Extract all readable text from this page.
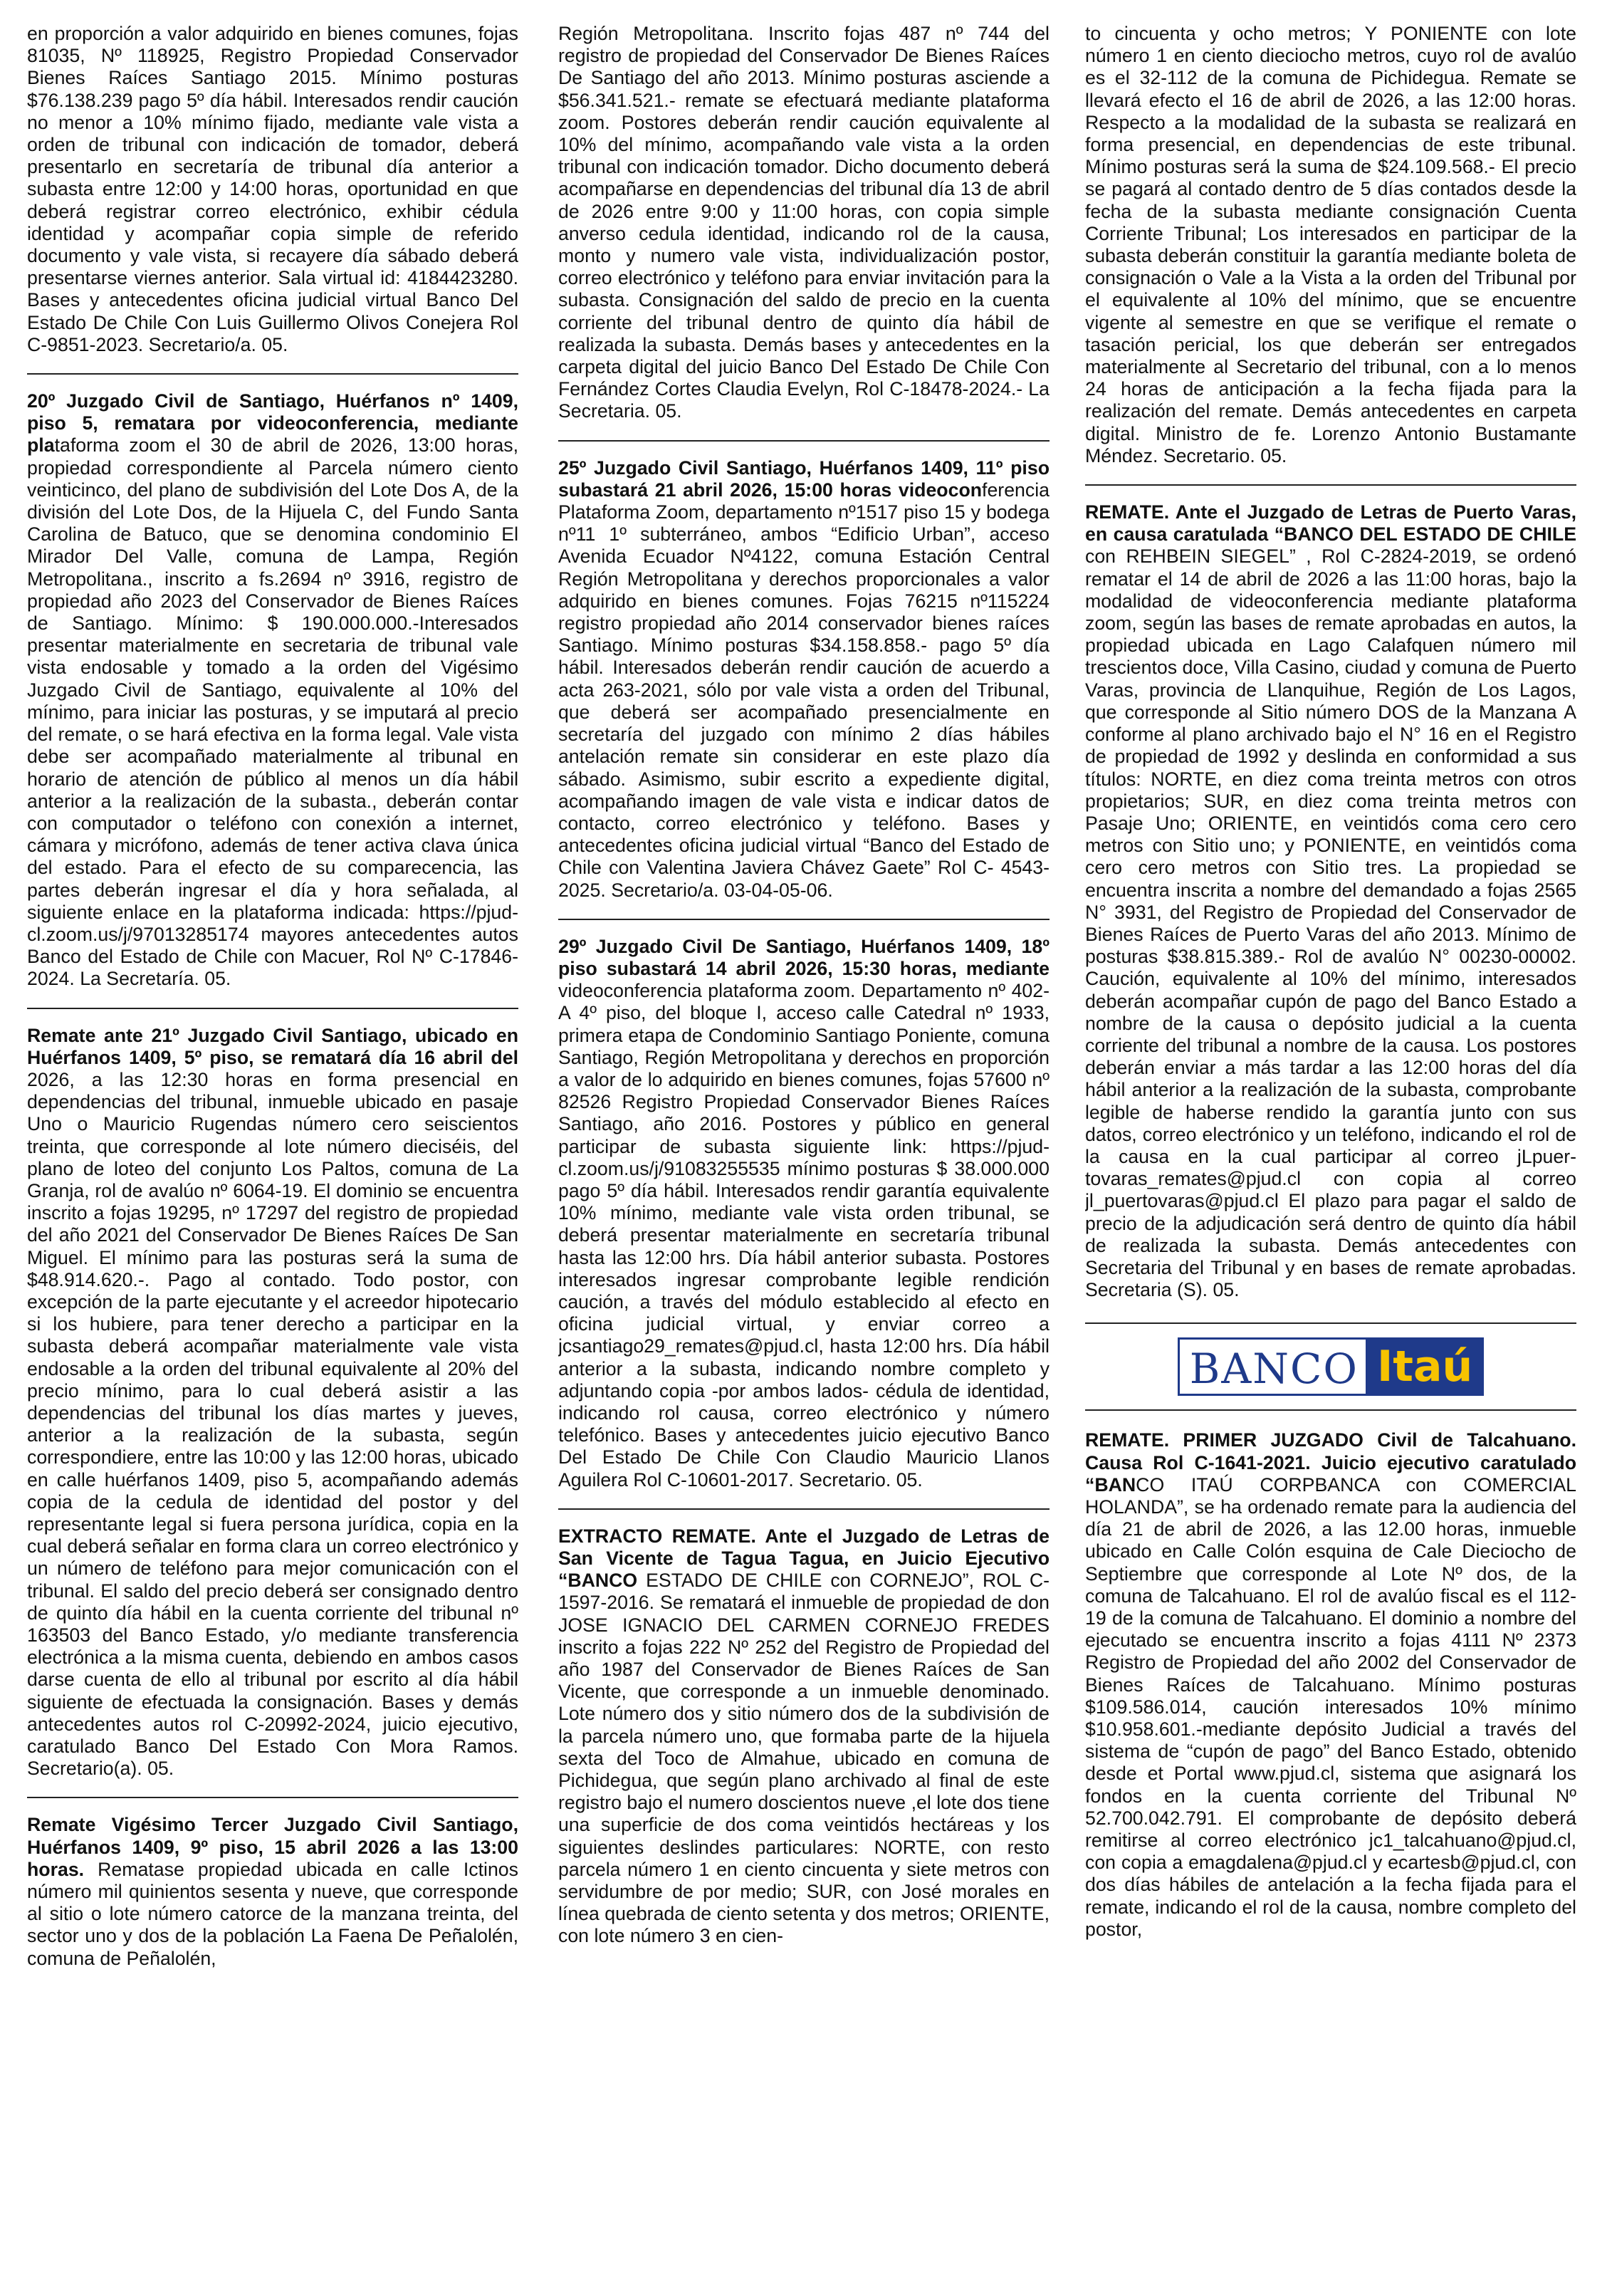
en proporción a valor adquirido en bienes comunes, fojas 81035, Nº 118925, Registro Propiedad Conservador Bienes Raíces Santiago 2015. Mínimo posturas $76.138.239 pago 5º día hábil. Interesados rendir caución no menor a 10% mínimo fijado, mediante vale vista a orden de tribunal con indicación de tomador, deberá presentarlo en secretaría de tribunal día anterior a subasta entre 12:00 y 14:00 horas, oportunidad en que deberá registrar correo electrónico, exhibir cédula identidad y acompañar copia simple de referido documento y vale vista, si recayere día sábado deberá presentarse viernes anterior. Sala virtual id: 4184423280. Bases y antecedentes oficina judicial virtual Banco Del Estado De Chile Con Luis Guillermo Olivos Conejera Rol C-9851-2023. Secretario/a. 05.

20º Juzgado Civil de Santiago, Huérfanos nº 1409, piso 5, rematara por videoconferencia, mediante plataforma zoom el 30 de abril de 2026, 13:00 horas, propiedad correspondiente al Parcela número ciento veinticinco, del plano de subdivisión del Lote Dos A, de la división del Lote Dos, de la Hijuela C, del Fundo Santa Carolina de Batuco, que se denomina condominio El Mirador Del Valle, comuna de Lampa, Región Metropolitana., inscrito a fs.2694 nº 3916, registro de propiedad año 2023 del Conservador de Bienes Raíces de Santiago. Mínimo: $ 190.000.000.-Interesados presentar materialmente en secretaria de tribunal vale vista endosable y tomado a la orden del Vigésimo Juzgado Civil de Santiago, equivalente al 10% del mínimo, para iniciar las posturas, y se imputará al precio del remate, o se hará efectiva en la forma legal. Vale vista debe ser acompañado materialmente al tribunal en horario de atención de público al menos un día hábil anterior a la realización de la subasta., deberán contar con computador o teléfono con conexión a internet, cámara y micrófono, además de tener activa clava única del estado. Para el efecto de su comparecencia, las partes deberán ingresar el día y hora señalada, al siguiente enlace en la plataforma indicada: https://pjud-cl.zoom.us/j/97013285174 mayores antecedentes autos Banco del Estado de Chile con Macuer, Rol Nº C-17846-2024. La Secretaría. 05.

Remate ante 21º Juzgado Civil Santiago, ubicado en Huérfanos 1409, 5º piso, se rematará día 16 abril del 2026, a las 12:30 horas en forma presencial en dependencias del tribunal, inmueble ubicado en pasaje Uno o Mauricio Rugendas número cero seiscientos treinta, que corresponde al lote número dieciséis, del plano de loteo del conjunto Los Paltos, comuna de La Granja, rol de avalúo nº 6064-19. El dominio se encuentra inscrito a fojas 19295, nº 17297 del registro de propiedad del año 2021 del Conservador De Bienes Raíces De San Miguel. El mínimo para las posturas será la suma de $48.914.620.-. Pago al contado. Todo postor, con excepción de la parte ejecutante y el acreedor hipotecario si los hubiere, para tener derecho a participar en la subasta deberá acompañar materialmente vale vista endosable a la orden del tribunal equivalente al 20% del precio mínimo, para lo cual deberá asistir a las dependencias del tribunal los días martes y jueves, anterior a la realización de la subasta, según correspondiere, entre las 10:00 y las 12:00 horas, ubicado en calle huérfanos 1409, piso 5, acompañando además copia de la cedula de identidad del postor y del representante legal si fuera persona jurídica, copia en la cual deberá señalar en forma clara un correo electrónico y un número de teléfono para mejor comunicación con el tribunal. El saldo del precio deberá ser consignado dentro de quinto día hábil en la cuenta corriente del tribunal nº 163503 del Banco Estado, y/o mediante transferencia electrónica a la misma cuenta, debiendo en ambos casos darse cuenta de ello al tribunal por escrito al día hábil siguiente de efectuada la consignación. Bases y demás antecedentes autos rol C-20992-2024, juicio ejecutivo, caratulado Banco Del Estado Con Mora Ramos. Secretario(a). 05.

Remate Vigésimo Tercer Juzgado Civil Santiago, Huérfanos 1409, 9º piso, 15 abril 2026 a las 13:00 horas. Rematase propiedad ubicada en calle Ictinos número mil quinientos sesenta y nueve, que corresponde al sitio o lote número catorce de la manzana treinta, del sector uno y dos de la población La Faena De Peñalolén, comuna de Peñalolén,

Región Metropolitana. Inscrito fojas 487 nº 744 del registro de propiedad del Conservador De Bienes Raíces De Santiago del año 2013. Mínimo posturas asciende a $56.341.521.- remate se efectuará mediante plataforma zoom. Postores deberán rendir caución equivalente al 10% del mínimo, acompañando vale vista a la orden tribunal con indicación tomador. Dicho documento deberá acompañarse en dependencias del tribunal día 13 de abril de 2026 entre 9:00 y 11:00 horas, con copia simple anverso cedula identidad, indicando rol de la causa, monto y numero vale vista, individualización postor, correo electrónico y teléfono para enviar invitación para la subasta. Consignación del saldo de precio en la cuenta corriente del tribunal dentro de quinto día hábil de realizada la subasta. Demás bases y antecedentes en la carpeta digital del juicio Banco Del Estado De Chile Con Fernández Cortes Claudia Evelyn, Rol C-18478-2024.- La Secretaria. 05.

25º Juzgado Civil Santiago, Huérfanos 1409, 11º piso subastará 21 abril 2026, 15:00 horas videoconferencia Plataforma Zoom, departamento nº1517 piso 15 y bodega nº11 1º subterráneo, ambos “Edificio Urban”, acceso Avenida Ecuador Nº4122, comuna Estación Central Región Metropolitana y derechos proporcionales a valor adquirido en bienes comunes. Fojas 76215 nº115224 registro propiedad año 2014 conservador bienes raíces Santiago. Mínimo posturas $34.158.858.- pago 5º día hábil. Interesados deberán rendir caución de acuerdo a acta 263-2021, sólo por vale vista a orden del Tribunal, que deberá ser acompañado presencialmente en secretaría del juzgado con mínimo 2 días hábiles antelación remate sin considerar en este plazo día sábado. Asimismo, subir escrito a expediente digital, acompañando imagen de vale vista e indicar datos de contacto, correo electrónico y teléfono. Bases y antecedentes oficina judicial virtual “Banco del Estado de Chile con Valentina Javiera Chávez Gaete” Rol C- 4543-2025. Secretario/a. 03-04-05-06.

29º Juzgado Civil De Santiago, Huérfanos 1409, 18º piso subastará 14 abril 2026, 15:30 horas, mediante videoconferencia plataforma zoom. Departamento nº 402-A 4º piso, del bloque I, acceso calle Catedral nº 1933, primera etapa de Condominio Santiago Poniente, comuna Santiago, Región Metropolitana y derechos en proporción a valor de lo adquirido en bienes comunes, fojas 57600 nº 82526 Registro Propiedad Conservador Bienes Raíces Santiago, año 2016. Postores y público en general participar de subasta siguiente link: https://pjud-cl.zoom.us/j/91083255535 mínimo posturas $ 38.000.000 pago 5º día hábil. Interesados rendir garantía equivalente 10% mínimo, mediante vale vista orden tribunal, se deberá presentar materialmente en secretaría tribunal hasta las 12:00 hrs. Día hábil anterior subasta. Postores interesados ingresar comprobante legible rendición caución, a través del módulo establecido al efecto en oficina judicial virtual, y enviar correo a jcsantiago29_remates@pjud.cl, hasta 12:00 hrs. Día hábil anterior a la subasta, indicando nombre completo y adjuntando copia -por ambos lados- cédula de identidad, indicando rol causa, correo electrónico y número telefónico. Bases y antecedentes juicio ejecutivo Banco Del Estado De Chile Con Claudio Mauricio Llanos Aguilera Rol C-10601-2017. Secretario. 05.

EXTRACTO REMATE. Ante el Juzgado de Letras de San Vicente de Tagua Tagua, en Juicio Ejecutivo “BANCO ESTADO DE CHILE con CORNEJO”, ROL C-1597-2016. Se rematará el inmueble de propiedad de don JOSE IGNACIO DEL CARMEN CORNEJO FREDES inscrito a fojas 222 Nº 252 del Registro de Propiedad del año 1987 del Conservador de Bienes Raíces de San Vicente, que corresponde a un inmueble denominado. Lote número dos y sitio número dos de la subdivisión de la parcela número uno, que formaba parte de la hijuela sexta del Toco de Almahue, ubicado en comuna de Pichidegua, que según plano archivado al final de este registro bajo el numero doscientos nueve ,el lote dos tiene una superficie de dos coma veintidós hectáreas y los siguientes deslindes particulares: NORTE, con resto parcela número 1 en ciento cincuenta y siete metros con servidumbre de por medio; SUR, con José morales en línea quebrada de ciento setenta y dos metros; ORIENTE, con lote número 3 en cien-

to cincuenta y ocho metros; Y PONIENTE con lote número 1 en ciento dieciocho metros, cuyo rol de avalúo es el 32-112 de la comuna de Pichidegua. Remate se llevará efecto el 16 de abril de 2026, a las 12:00 horas. Respecto a la modalidad de la subasta se realizará en forma presencial, en dependencias de este tribunal. Mínimo posturas será la suma de $24.109.568.- El precio se pagará al contado dentro de 5 días contados desde la fecha de la subasta mediante consignación Cuenta Corriente Tribunal; Los interesados en participar de la subasta deberán constituir la garantía mediante boleta de consignación o Vale a la Vista a la orden del Tribunal por el equivalente al 10% del mínimo, que se encuentre vigente al semestre en que se verifique el remate o tasación pericial, los que deberán ser entregados materialmente al Secretario del tribunal, con a lo menos 24 horas de anticipación a la fecha fijada para la realización del remate. Demás antecedentes en carpeta digital. Ministro de fe. Lorenzo Antonio Bustamante Méndez. Secretario. 05.

REMATE. Ante el Juzgado de Letras de Puerto Varas, en causa caratulada “BANCO DEL ESTADO DE CHILE con REHBEIN SIEGEL” , Rol C-2824-2019, se ordenó rematar el 14 de abril de 2026 a las 11:00 horas, bajo la modalidad de videoconferencia mediante plataforma zoom, según las bases de remate aprobadas en autos, la propiedad ubicada en Lago Calafquen número mil trescientos doce, Villa Casino, ciudad y comuna de Puerto Varas, provincia de Llanquihue, Región de Los Lagos, que corresponde al Sitio número DOS de la Manzana A conforme al plano archivado bajo el N° 16 en el Registro de propiedad de 1992 y deslinda en conformidad a sus títulos: NORTE, en diez coma treinta metros con otros propietarios; SUR, en diez coma treinta metros con Pasaje Uno; ORIENTE, en veintidós coma cero cero metros con Sitio uno; y PONIENTE, en veintidós coma cero cero metros con Sitio tres. La propiedad se encuentra inscrita a nombre del demandado a fojas 2565 N° 3931, del Registro de Propiedad del Conservador de Bienes Raíces de Puerto Varas del año 2013. Mínimo de posturas $38.815.389.- Rol de avalúo N° 00230-00002. Caución, equivalente al 10% del mínimo, interesados deberán acompañar cupón de pago del Banco Estado a nombre de la causa o depósito judicial a la cuenta corriente del tribunal a nombre de la causa. Los postores deberán enviar a más tardar a las 12:00 horas del día hábil anterior a la realización de la subasta, comprobante legible de haberse rendido la garantía junto con sus datos, correo electrónico y un teléfono, indicando el rol de la causa en la cual participar al correo jLpuer-tovaras_remates@pjud.cl con copia al correo jl_puertovaras@pjud.cl El plazo para pagar el saldo de precio de la adjudicación será dentro de quinto día hábil de realizada la subasta. Demás antecedentes con Secretaria del Tribunal y en bases de remate aprobadas. Secretaria (S). 05.

BANCO Itaú

REMATE. PRIMER JUZGADO Civil de Talcahuano. Causa Rol C-1641-2021. Juicio ejecutivo caratulado “BANCO ITAÚ CORPBANCA con COMERCIAL HOLANDA”, se ha ordenado remate para la audiencia del día 21 de abril de 2026, a las 12.00 horas, inmueble ubicado en Calle Colón esquina de Cale Dieciocho de Septiembre que corresponde al Lote Nº dos, de la comuna de Talcahuano. El rol de avalúo fiscal es el 112-19 de la comuna de Talcahuano. El dominio a nombre del ejecutado se encuentra inscrito a fojas 4111 Nº 2373 Registro de Propiedad del año 2002 del Conservador de Bienes Raíces de Talcahuano. Mínimo posturas $109.586.014, caución interesados 10% mínimo $10.958.601.-mediante depósito Judicial a través del sistema de “cupón de pago” del Banco Estado, obtenido desde et Portal www.pjud.cl, sistema que asignará los fondos en la cuenta corriente del Tribunal Nº 52.700.042.791. El comprobante de depósito deberá remitirse al correo electrónico jc1_talcahuano@pjud.cl, con copia a emagdalena@pjud.cl y ecartesb@pjud.cl, con dos días hábiles de antelación a la fecha fijada para el remate, indicando el rol de la causa, nombre completo del postor,
